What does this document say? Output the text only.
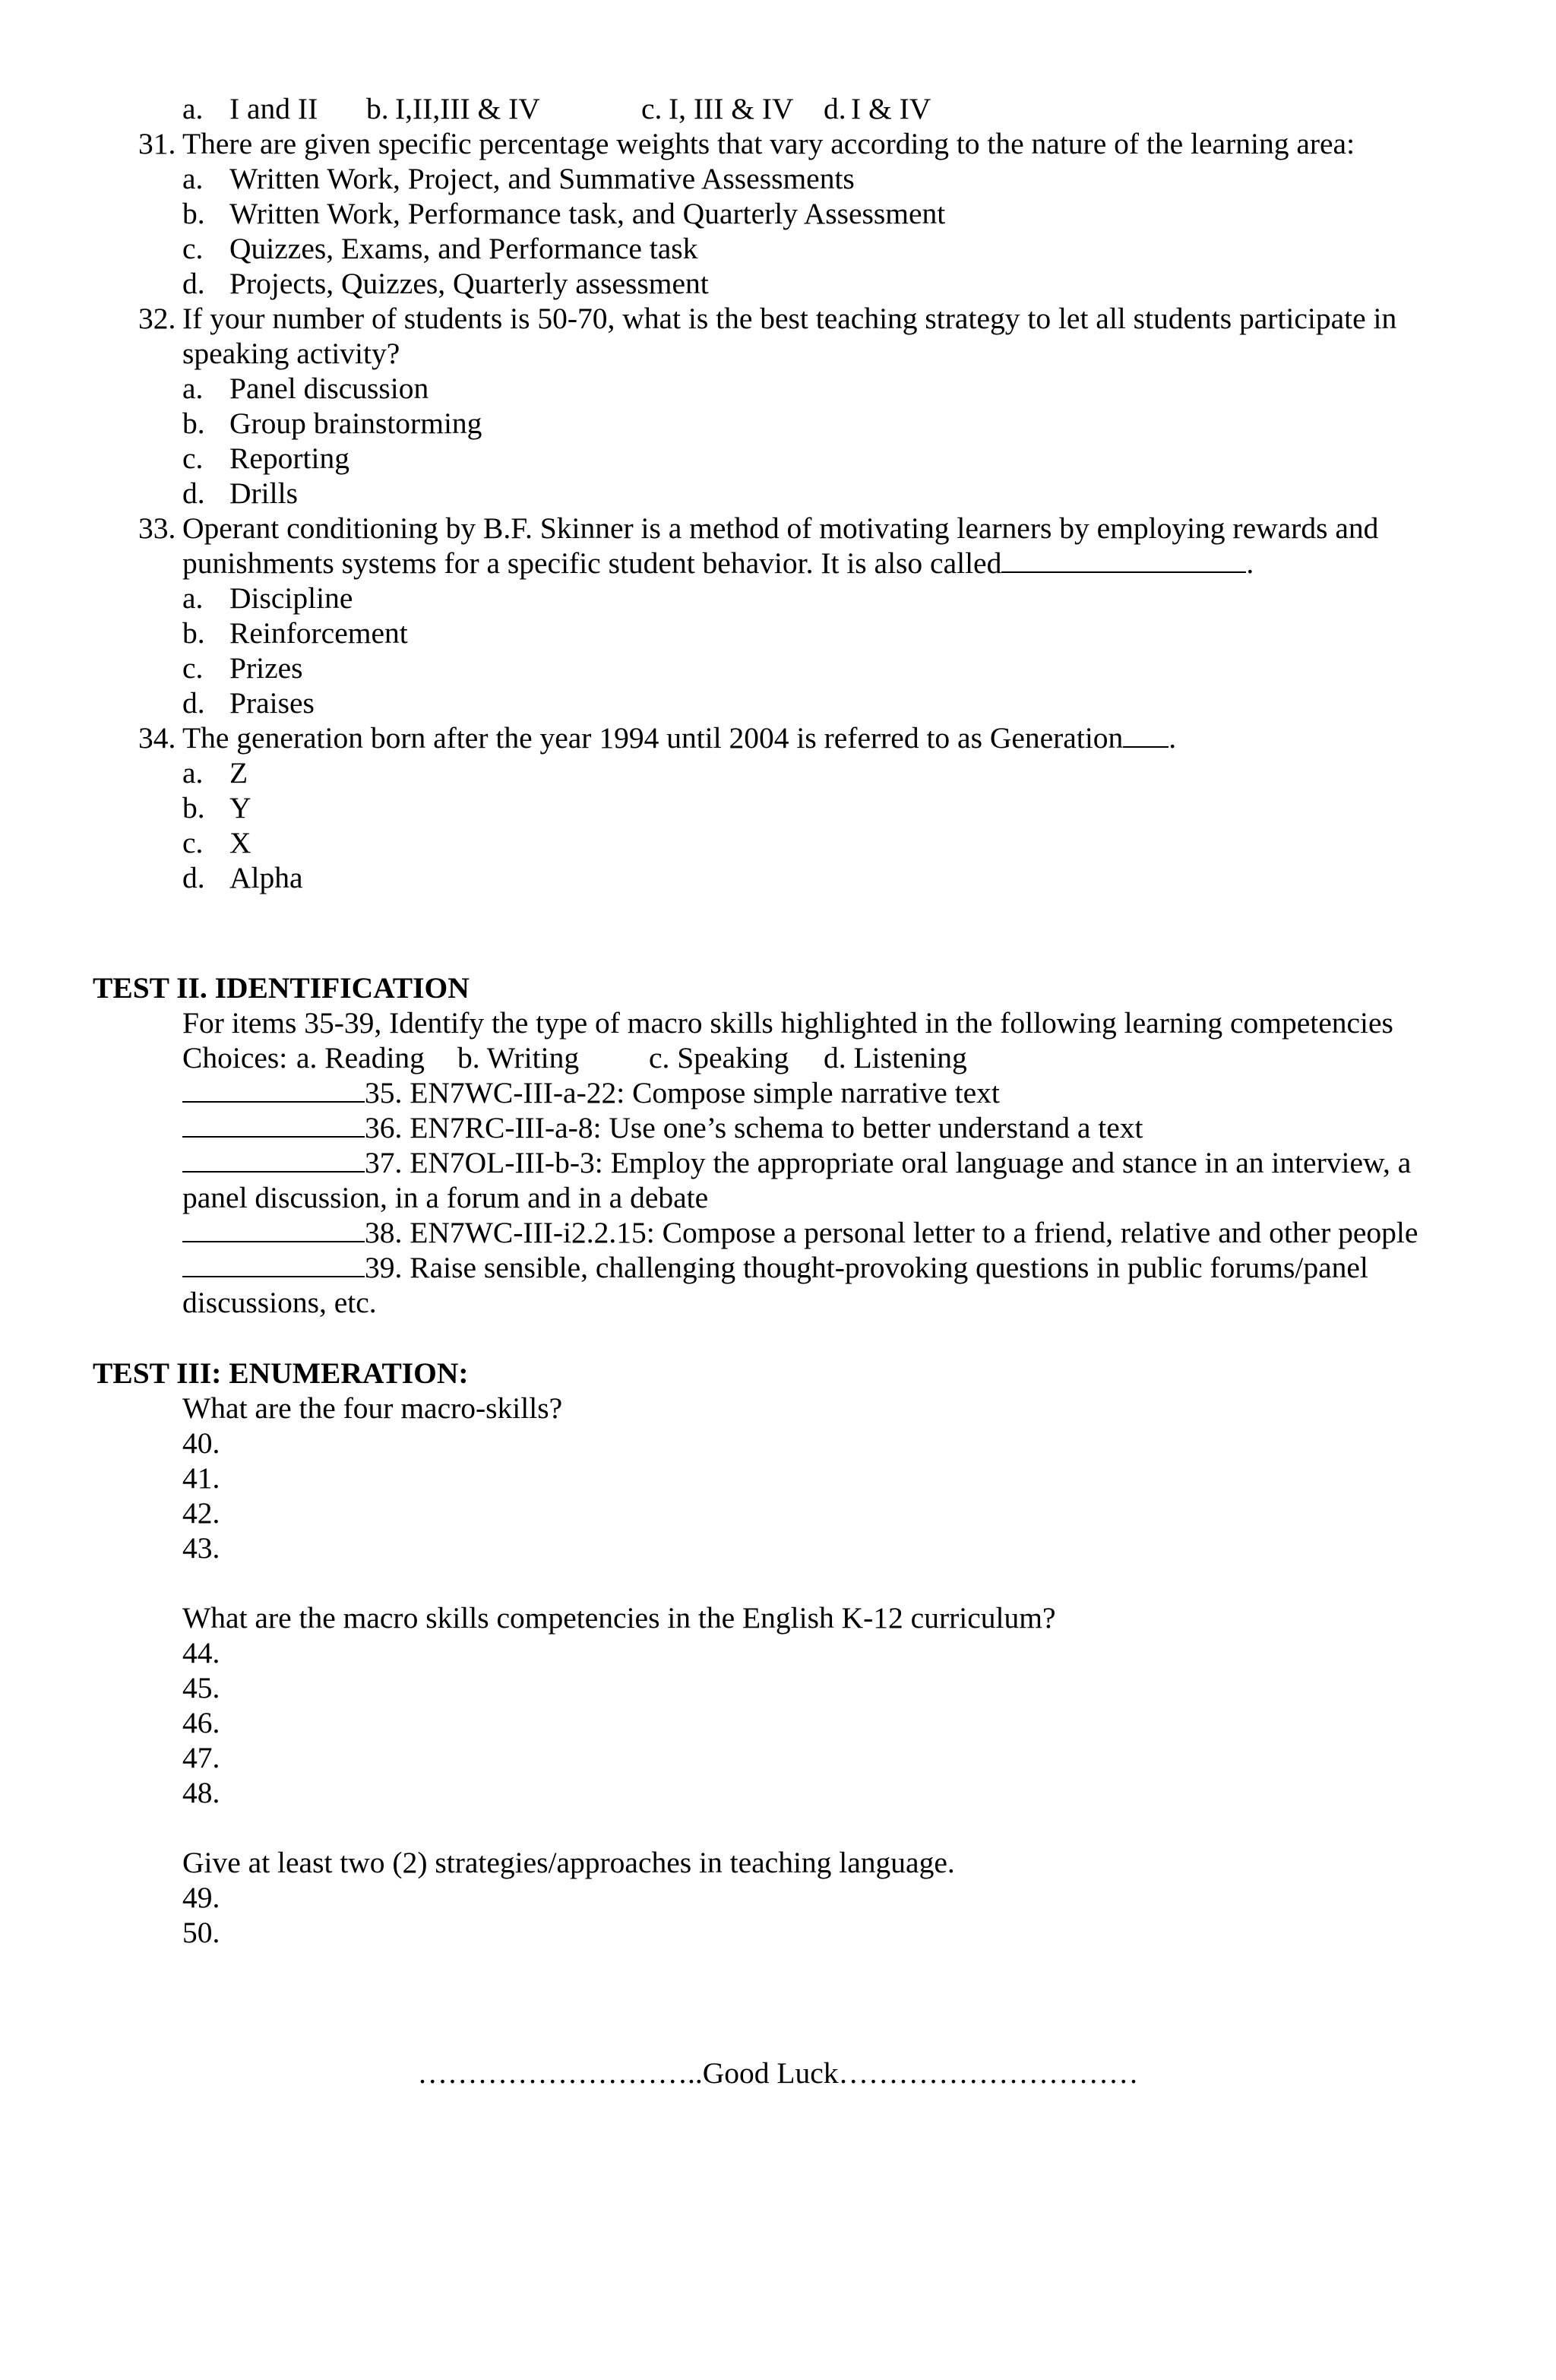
a. I and II b. I,II,III & IV	c. I, III & IV d. I & IV
31. There are given specific percentage weights that vary according to the nature of the learning area:
a. Written Work, Project, and Summative Assessments
b. Written Work, Performance task, and Quarterly Assessment
c. Quizzes, Exams, and Performance task
d. Projects, Quizzes, Quarterly assessment
32. If your number of students is 50-70, what is the best teaching strategy to let all students participate in
speaking activity?
a. Panel discussion
b. Group brainstorming
c. Reporting
d. Drills
33. Operant conditioning by B.F. Skinner is a method of motivating learners by employing rewards and
punishments systems for a specific student behavior. It is also called	.
a. Discipline
b. Reinforcement
c. Prizes
d. Praises
34. The generation born after the year 1994 until 2004 is referred to as Generation .
a. Z
b. Y
c. X
d. Alpha
TEST II. IDENTIFICATION
For items 35-39, Identify the type of macro skills highlighted in the following learning competencies
Choices: a. Reading b. Writing c. Speaking d. Listening
35. EN7WC-III-a-22: Compose simple narrative text
36. EN7RC-III-a-8: Use one’s schema to better understand a text
37. EN7OL-III-b-3: Employ the appropriate oral language and stance in an interview, a
panel discussion, in a forum and in a debate
38. EN7WC-III-i2.2.15: Compose a personal letter to a friend, relative and other people
39. Raise sensible, challenging thought-provoking questions in public forums/panel
discussions, etc.
TEST III: ENUMERATION:
What are the four macro-skills?
40.
41.
42.
43.
What are the macro skills competencies in the English K-12 curriculum?
44.
45.
46.
47.
48.
Give at least two (2) strategies/approaches in teaching language.
49.
50.
………………………..Good Luck…………………………
